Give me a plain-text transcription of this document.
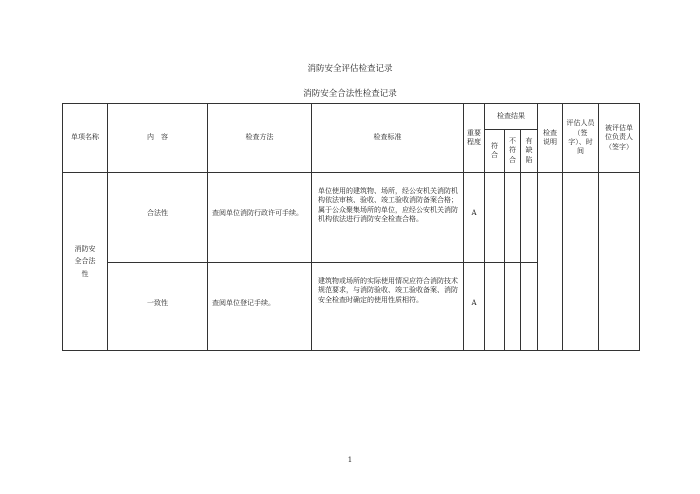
消防安全评估检查记录
消防安全合法性检查记录
单项名称	内　容	检查方法	检查标准	重要程度	检查结果			检查说明	评估人员（签字）、时间	被评估单位负责人（签字）
					符合	不符合	有缺陷			
消防安全合法性	合法性	查阅单位消防行政许可手续。	单位使用的建筑物、场所，经公安机关消防机构依法审核、验收、竣工验收消防备案合格；属于公众聚集场所的单位，应经公安机关消防机构依法进行消防安全检查合格。	A						
	一致性	查阅单位登记手续。	建筑物或场所的实际使用情况应符合消防技术规范要求，与消防验收、竣工验收备案、消防安全检查时确定的使用性质相符。	A						
1
